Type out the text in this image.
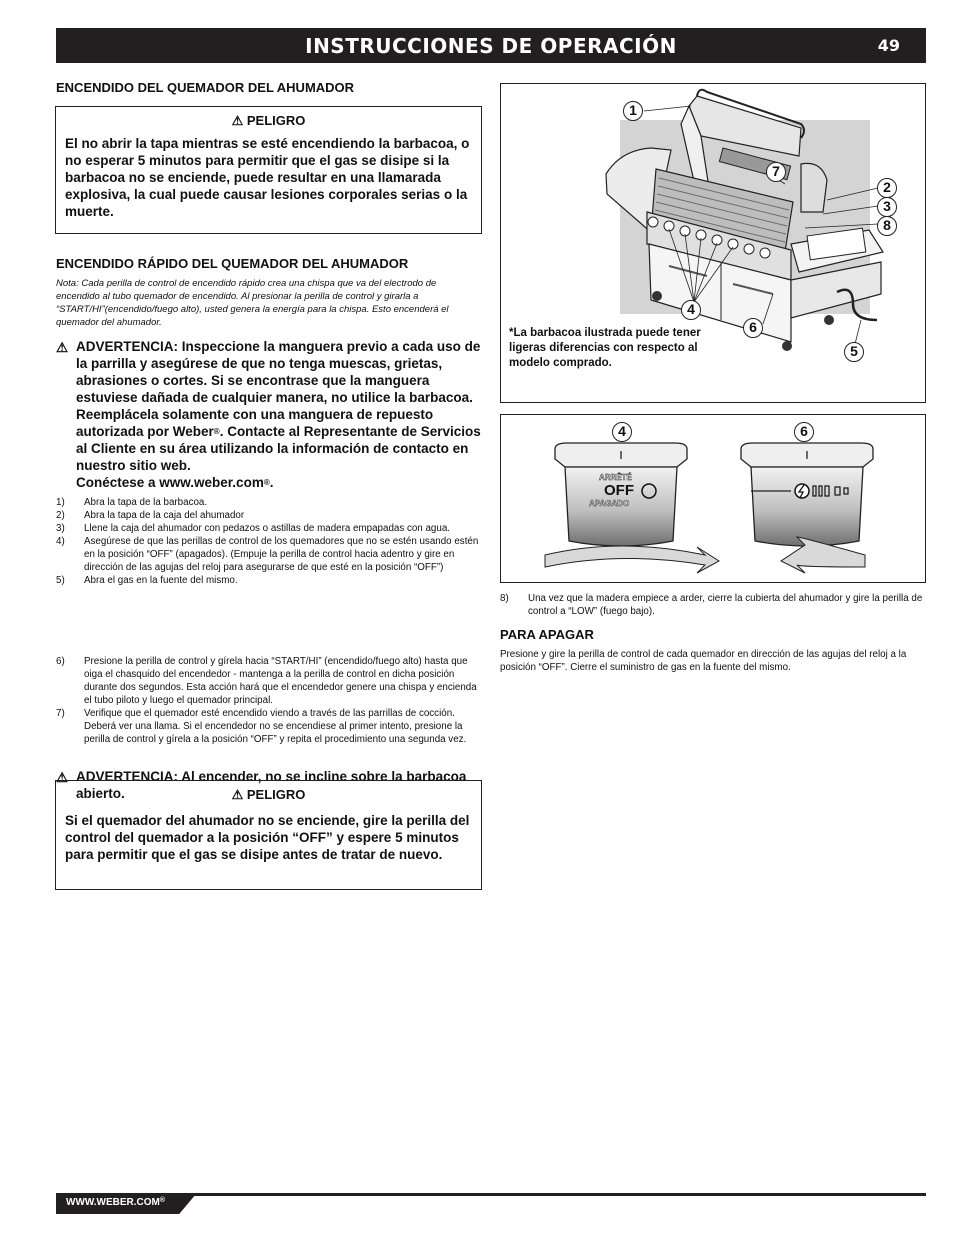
INSTRUCCIONES DE OPERACIÓN	49
ENCENDIDO DEL QUEMADOR DEL AHUMADOR
⚠ PELIGRO
El no abrir la tapa mientras se esté encendiendo la barbacoa, o no esperar 5 minutos para permitir que el gas se disipe si la barbacoa no se enciende, puede resultar en una llamarada explosiva, la cual puede causar lesiones corporales serias o la muerte.
ENCENDIDO RÁPIDO DEL QUEMADOR DEL AHUMADOR
Nota: Cada perilla de control de encendido rápido crea una chispa que va del electrodo de encendido al tubo quemador de encendido. Al presionar la perilla de control y girarla a “START/HI”(encendido/fuego alto), usted genera la energía para la chispa. Esto encenderá el quemador del ahumador.
⚠ ADVERTENCIA: Inspeccione la manguera previo a cada uso de la parrilla y asegúrese de que no tenga muescas, grietas, abrasiones o cortes. Si se encontrase que la manguera estuviese dañada de cualquier manera, no utilice la barbacoa. Reemplácela solamente con una manguera de repuesto autorizada por Weber®. Contacte al Representante de Servicios al Cliente en su área utilizando la información de contacto en nuestro sitio web.
Conéctese a www.weber.com®.
1) Abra la tapa de la barbacoa.
2) Abra la tapa de la caja del ahumador
3) Llene la caja del ahumador con pedazos o astillas de madera empapadas con agua.
4) Asegúrese de que las perillas de control de los quemadores que no se estén usando estén en la posición “OFF” (apagados). (Empuje la perilla de control hacia adentro y gire en dirección de las agujas del reloj para asegurarse de que esté en la posición “OFF”)
5) Abra el gas en la fuente del mismo.
⚠ ADVERTENCIA: Al encender, no se incline sobre la barbacoa abierto.
6) Presione la perilla de control y gírela hacia “START/HI” (encendido/fuego alto) hasta que oiga el chasquido del encendedor - mantenga a la perilla de control en dicha posición durante dos segundos. Esta acción hará que el encendedor genere una chispa y encienda el tubo piloto y luego el quemador principal.
7) Verifique que el quemador esté encendido viendo a través de las parrillas de cocción. Deberá ver una llama. Si el encendedor no se encendiese al primer intento, presione la perilla de control y gírela a la posición “OFF” y repita el procedimiento una segunda vez.
⚠ PELIGRO
Si el quemador del ahumador no se enciende, gire la perilla del control del quemador a la posición “OFF” y espere 5 minutos para permitir que el gas se disipe antes de tratar de nuevo.
1
7
2
3
8
4
6
5
*La barbacoa ilustrada puede tener ligeras diferencias con respecto al modelo comprado.
4	6
ARRÊTÉ
OFF
APAGADO
8) Una vez que la madera empiece a arder, cierre la cubierta del ahumador y gire la perilla de control a “LOW” (fuego bajo).
PARA APAGAR
Presione y gire la perilla de control de cada quemador en dirección de las agujas del reloj a la posición “OFF”. Cierre el suministro de gas en la fuente del mismo.
WWW.WEBER.COM®
